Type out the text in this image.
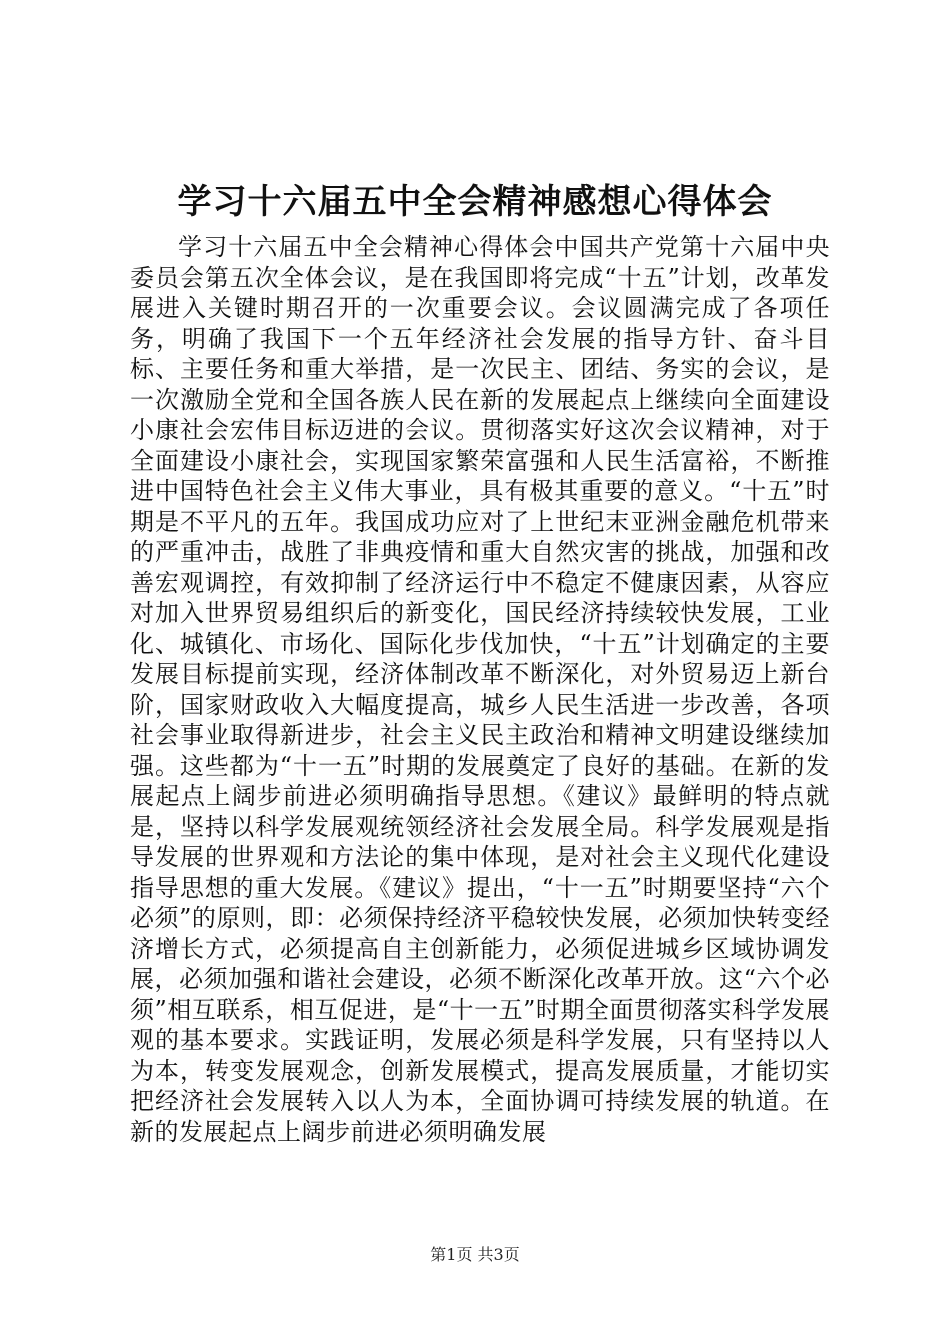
学习十六届五中全会精神感想心得体会

学习十六届五中全会精神心得体会中国共产党第十六届中央委员会第五次全体会议，是在我国即将完成“十五”计划，改革发展进入关键时期召开的一次重要会议。会议圆满完成了各项任务，明确了我国下一个五年经济社会发展的指导方针、奋斗目标、主要任务和重大举措，是一次民主、团结、务实的会议，是一次激励全党和全国各族人民在新的发展起点上继续向全面建设小康社会宏伟目标迈进的会议。贯彻落实好这次会议精神，对于全面建设小康社会，实现国家繁荣富强和人民生活富裕，不断推进中国特色社会主义伟大事业，具有极其重要的意义。“十五”时期是不平凡的五年。我国成功应对了上世纪末亚洲金融危机带来的严重冲击，战胜了非典疫情和重大自然灾害的挑战，加强和改善宏观调控，有效抑制了经济运行中不稳定不健康因素，从容应对加入世界贸易组织后的新变化，国民经济持续较快发展，工业化、城镇化、市场化、国际化步伐加快，“十五”计划确定的主要发展目标提前实现，经济体制改革不断深化，对外贸易迈上新台阶，国家财政收入大幅度提高，城乡人民生活进一步改善，各项社会事业取得新进步，社会主义民主政治和精神文明建设继续加强。这些都为“十一五”时期的发展奠定了良好的基础。在新的发展起点上阔步前进必须明确指导思想。《建议》最鲜明的特点就是，坚持以科学发展观统领经济社会发展全局。科学发展观是指导发展的世界观和方法论的集中体现，是对社会主义现代化建设指导思想的重大发展。《建议》提出，“十一五”时期要坚持“六个必须”的原则，即：必须保持经济平稳较快发展，必须加快转变经济增长方式，必须提高自主创新能力，必须促进城乡区域协调发展，必须加强和谐社会建设，必须不断深化改革开放。这“六个必须”相互联系，相互促进，是“十一五”时期全面贯彻落实科学发展观的基本要求。实践证明，发展必须是科学发展，只有坚持以人为本，转变发展观念，创新发展模式，提高发展质量，才能切实把经济社会发展转入以人为本，全面协调可持续发展的轨道。在新的发展起点上阔步前进必须明确发展

第1页 共3页
